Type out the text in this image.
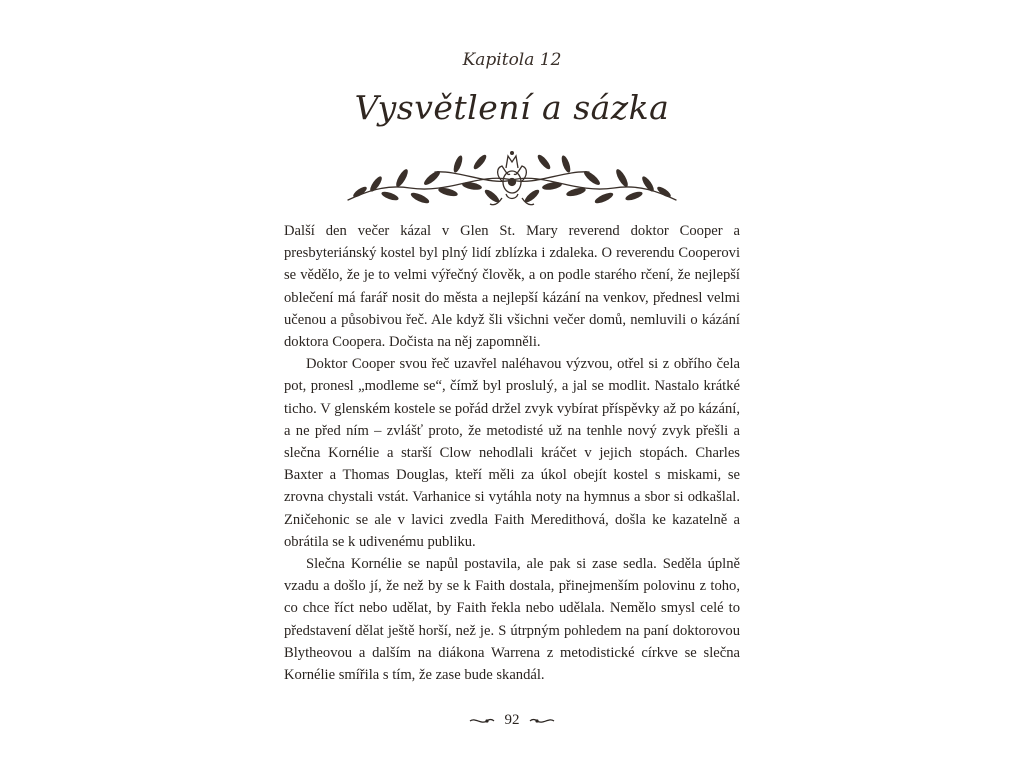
Kapitola 12
Vysvětlení a sázka

Další den večer kázal v Glen St. Mary reverend doktor Cooper a presbyteriánský kostel byl plný lidí zblízka i zdaleka. O reverendu Cooperovi se vědělo, že je to velmi výřečný člověk, a on podle starého rčení, že nejlepší oblečení má farář nosit do města a nejlepší kázání na venkov, přednesl velmi učenou a působivou řeč. Ale když šli všichni večer domů, nemluvili o kázání doktora Coopera. Dočista na něj zapomněli.

Doktor Cooper svou řeč uzavřel naléhavou výzvou, otřel si z obřího čela pot, pronesl „modleme se“, čímž byl proslulý, a jal se modlit. Nastalo krátké ticho. V glenském kostele se pořád držel zvyk vybírat příspěvky až po kázání, a ne před ním – zvlášť proto, že metodisté už na tenhle nový zvyk přešli a slečna Kornélie a starší Clow nehodlali kráčet v jejich stopách. Charles Baxter a Thomas Douglas, kteří měli za úkol obejít kostel s miskami, se zrovna chystali vstát. Varhanice si vytáhla noty na hymnus a sbor si odkašlal. Zničehonic se ale v lavici zvedla Faith Meredithová, došla ke kazatelně a obrátila se k udivenému publiku.

Slečna Kornélie se napůl postavila, ale pak si zase sedla. Seděla úplně vzadu a došlo jí, že než by se k Faith dostala, přinejmenším polovinu z toho, co chce říct nebo udělat, by Faith řekla nebo udělala. Nemělo smysl celé to představení dělat ještě horší, než je. S útrpným pohledem na paní doktorovou Blytheovou a dalším na diákona Warrena z metodistické církve se slečna Kornélie smířila s tím, že zase bude skandál.

92
